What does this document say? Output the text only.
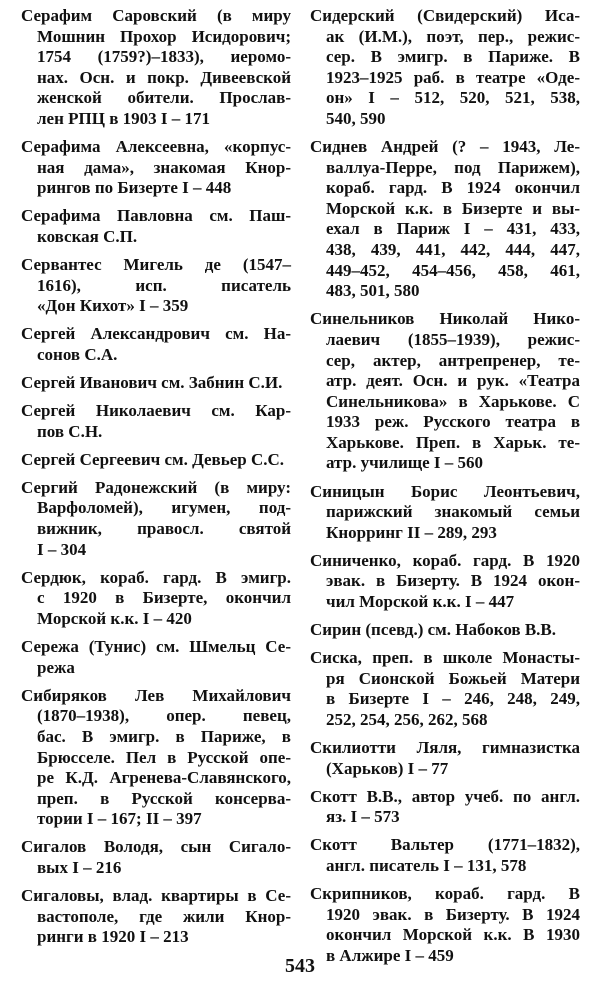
Серафим Саровский (в миру
Мошнин Прохор Исидорович;
1754 (1759?)–1833), иеромо-
нах. Осн. и покр. Дивеевской
женской обители. Прослав-
лен РПЦ в 1903 I – 171
Серафима Алексеевна, «корпус-
ная дама», знакомая Кнор-
рингов по Бизерте I – 448
Серафима Павловна см. Паш-
ковская С.П.
Сервантес Мигель де (1547–
1616), исп. писатель
«Дон Кихот» I – 359
Сергей Александрович см. На-
сонов С.А.
Сергей Иванович см. Забнин С.И.
Сергей Николаевич см. Кар-
пов С.Н.
Сергей Сергеевич см. Девьер С.С.
Сергий Радонежский (в миру:
Варфоломей), игумен, под-
вижник, правосл. святой
I – 304
Сердюк, кораб. гард. В эмигр.
с 1920 в Бизерте, окончил
Морской к.к. I – 420
Сережа (Тунис) см. Шмельц Се-
режа
Сибиряков Лев Михайлович
(1870–1938), опер. певец,
бас. В эмигр. в Париже, в
Брюсселе. Пел в Русской опе-
ре К.Д. Агренева-Славянского,
преп. в Русской консерва-
тории I – 167; II – 397
Сигалов Володя, сын Сигало-
вых I – 216
Сигаловы, влад. квартиры в Се-
вастополе, где жили Кнор-
ринги в 1920 I – 213
Сидерский (Свидерский) Иса-
ак (И.М.), поэт, пер., режис-
сер. В эмигр. в Париже. В
1923–1925 раб. в театре «Оде-
он» I – 512, 520, 521, 538,
540, 590
Сиднев Андрей (? – 1943, Ле-
валлуа-Перре, под Парижем),
кораб. гард. В 1924 окончил
Морской к.к. в Бизерте и вы-
ехал в Париж I – 431, 433,
438, 439, 441, 442, 444, 447,
449–452, 454–456, 458, 461,
483, 501, 580
Синельников Николай Нико-
лаевич (1855–1939), режис-
сер, актер, антрепренер, те-
атр. деят. Осн. и рук. «Театра
Синельникова» в Харькове. С
1933 реж. Русского театра в
Харькове. Преп. в Харьк. те-
атр. училище I – 560
Синицын Борис Леонтьевич,
парижский знакомый семьи
Кнорринг II – 289, 293
Синиченко, кораб. гард. В 1920
эвак. в Бизерту. В 1924 окон-
чил Морской к.к. I – 447
Сирин (псевд.) см. Набоков В.В.
Сиска, преп. в школе Монасты-
ря Сионской Божьей Матери
в Бизерте I – 246, 248, 249,
252, 254, 256, 262, 568
Скилиотти Ляля, гимназистка
(Харьков) I – 77
Скотт В.В., автор учеб. по англ.
яз. I – 573
Скотт Вальтер (1771–1832),
англ. писатель I – 131, 578
Скрипников, кораб. гард. В
1920 эвак. в Бизерту. В 1924
окончил Морской к.к. В 1930
в Алжире I – 459
543
